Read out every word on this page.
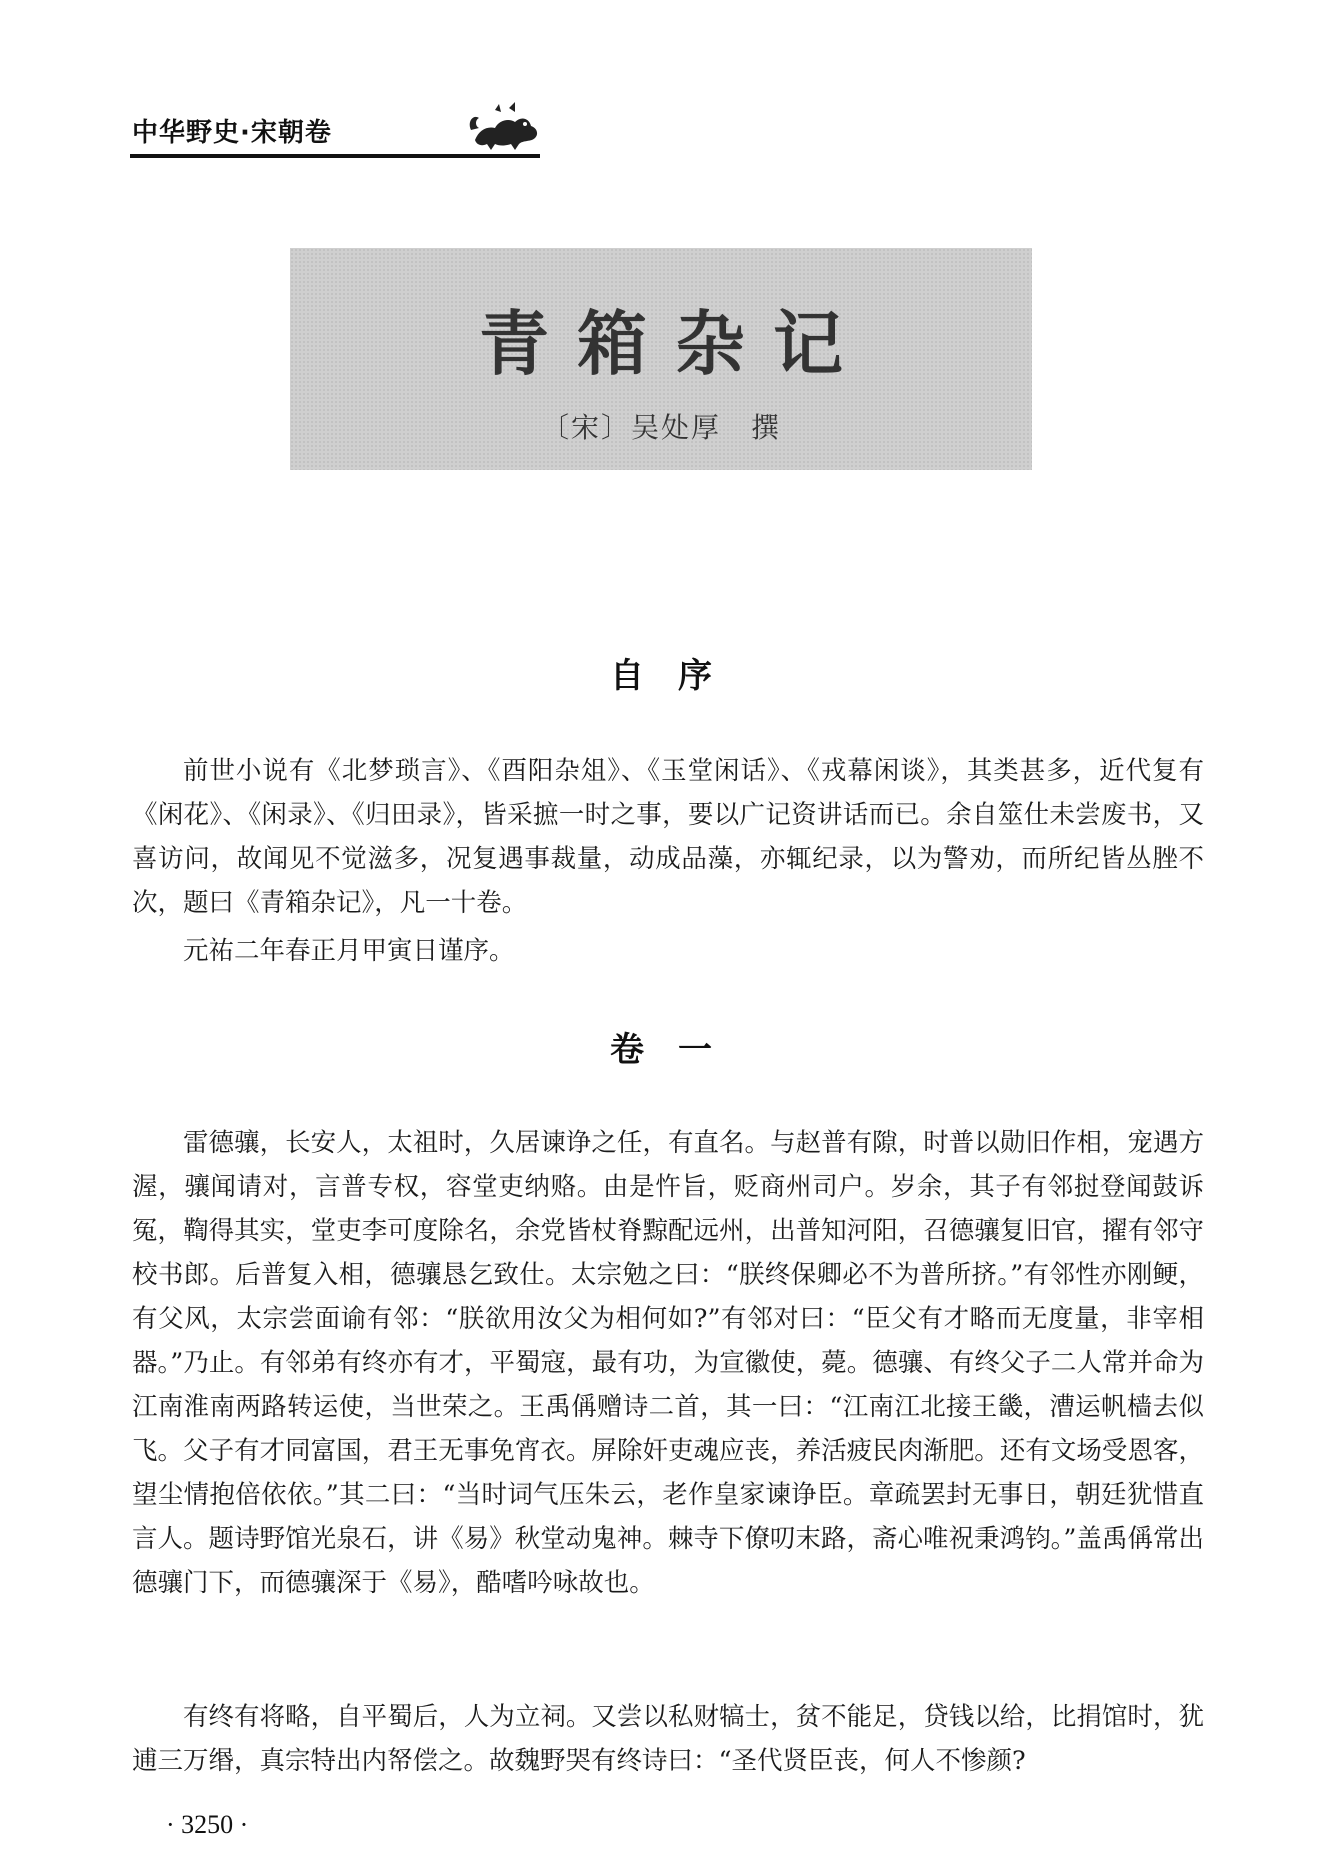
中华野史·宋朝卷
青箱杂记
〔宋〕吴处厚　撰
自　序

前世小说有《北梦琐言》、《酉阳杂俎》、《玉堂闲话》、《戎幕闲谈》，其类甚多，近代复有《闲花》、《闲录》、《归田录》，皆采摭一时之事，要以广记资讲话而已。余自筮仕未尝废书，又喜访问，故闻见不觉滋多，况复遇事裁量，动成品藻，亦辄纪录，以为警劝，而所纪皆丛脞不次，题曰《青箱杂记》，凡一十卷。

元祐二年春正月甲寅日谨序。

卷　一

雷德骧，长安人，太祖时，久居谏诤之任，有直名。与赵普有隙，时普以勋旧作相，宠遇方渥，骧闻请对，言普专权，容堂吏纳赂。由是忤旨，贬商州司户。岁余，其子有邻挝登闻鼓诉冤，鞫得其实，堂吏李可度除名，余党皆杖脊黥配远州，出普知河阳，召德骧复旧官，擢有邻守校书郎。后普复入相，德骧恳乞致仕。太宗勉之曰：“朕终保卿必不为普所挤。”有邻性亦刚鲠，有父风，太宗尝面谕有邻：“朕欲用汝父为相何如?”有邻对曰：“臣父有才略而无度量，非宰相器。”乃止。有邻弟有终亦有才，平蜀寇，最有功，为宣徽使，薨。德骧、有终父子二人常并命为江南淮南两路转运使，当世荣之。王禹偁赠诗二首，其一曰：“江南江北接王畿，漕运帆樯去似飞。父子有才同富国，君王无事免宵衣。屏除奸吏魂应丧，养活疲民肉渐肥。还有文场受恩客，望尘情抱倍依依。”其二曰：“当时词气压朱云，老作皇家谏诤臣。章疏罢封无事日，朝廷犹惜直言人。题诗野馆光泉石，讲《易》秋堂动鬼神。棘寺下僚叨末路，斋心唯祝秉鸿钧。”盖禹偁常出德骧门下，而德骧深于《易》，酷嗜吟咏故也。

有终有将略，自平蜀后，人为立祠。又尝以私财犒士，贫不能足，贷钱以给，比捐馆时，犹逋三万缗，真宗特出内帑偿之。故魏野哭有终诗曰：“圣代贤臣丧，何人不惨颜?

· 3250 ·
